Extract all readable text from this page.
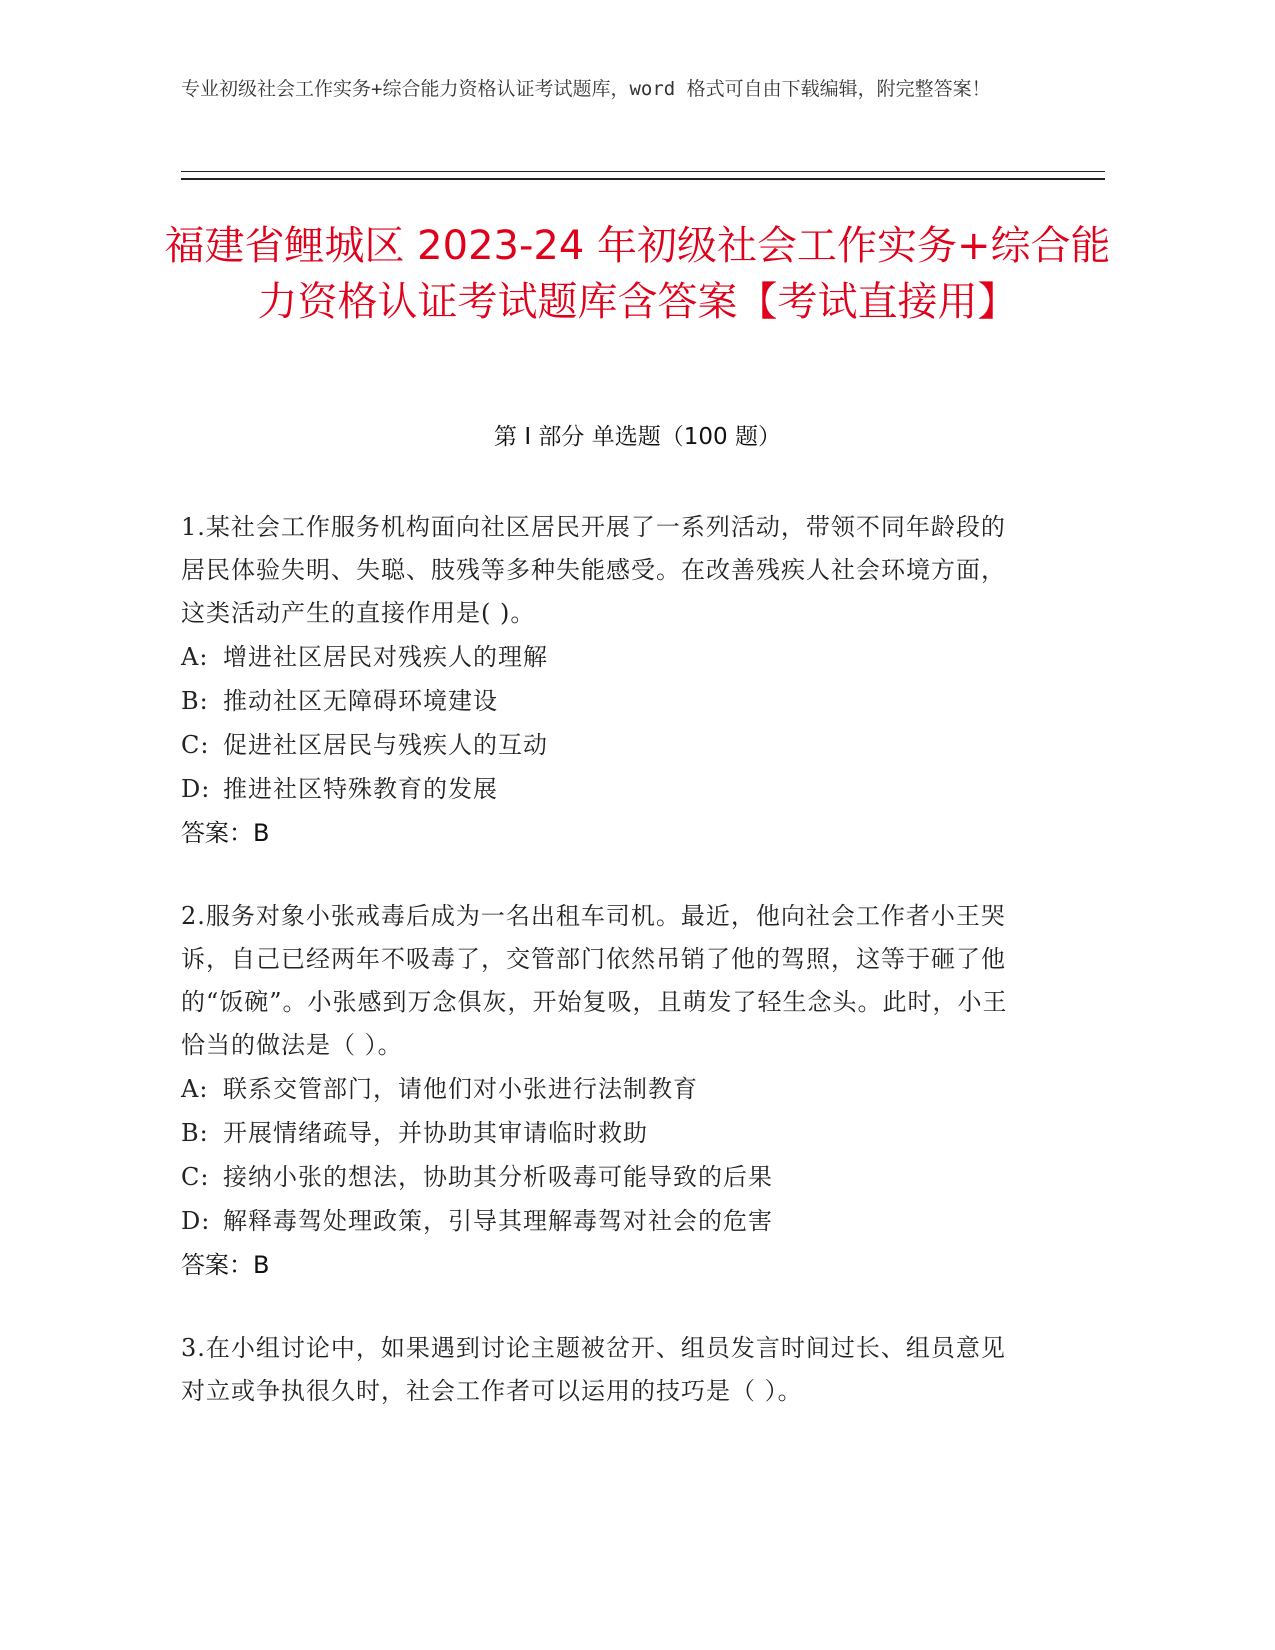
专业初级社会工作实务+综合能力资格认证考试题库，word 格式可自由下载编辑，附完整答案！
福建省鲤城区 2023-24 年初级社会工作实务+综合能力资格认证考试题库含答案【考试直接用】
第 I 部分 单选题（100 题）
1.某社会工作服务机构面向社区居民开展了一系列活动，带领不同年龄段的居民体验失明、失聪、肢残等多种失能感受。在改善残疾人社会环境方面，这类活动产生的直接作用是( )。
A: 增进社区居民对残疾人的理解
B: 推动社区无障碍环境建设
C: 促进社区居民与残疾人的互动
D: 推进社区特殊教育的发展
答案：B
2.服务对象小张戒毒后成为一名出租车司机。最近，他向社会工作者小王哭诉，自己已经两年不吸毒了，交管部门依然吊销了他的驾照，这等于砸了他的“饭碗”。小张感到万念俱灰，开始复吸，且萌发了轻生念头。此时，小王恰当的做法是（ ）。
A: 联系交管部门，请他们对小张进行法制教育
B: 开展情绪疏导，并协助其审请临时救助
C: 接纳小张的想法，协助其分析吸毒可能导致的后果
D: 解释毒驾处理政策，引导其理解毒驾对社会的危害
答案：B
3.在小组讨论中，如果遇到讨论主题被岔开、组员发言时间过长、组员意见对立或争执很久时，社会工作者可以运用的技巧是（ ）。
